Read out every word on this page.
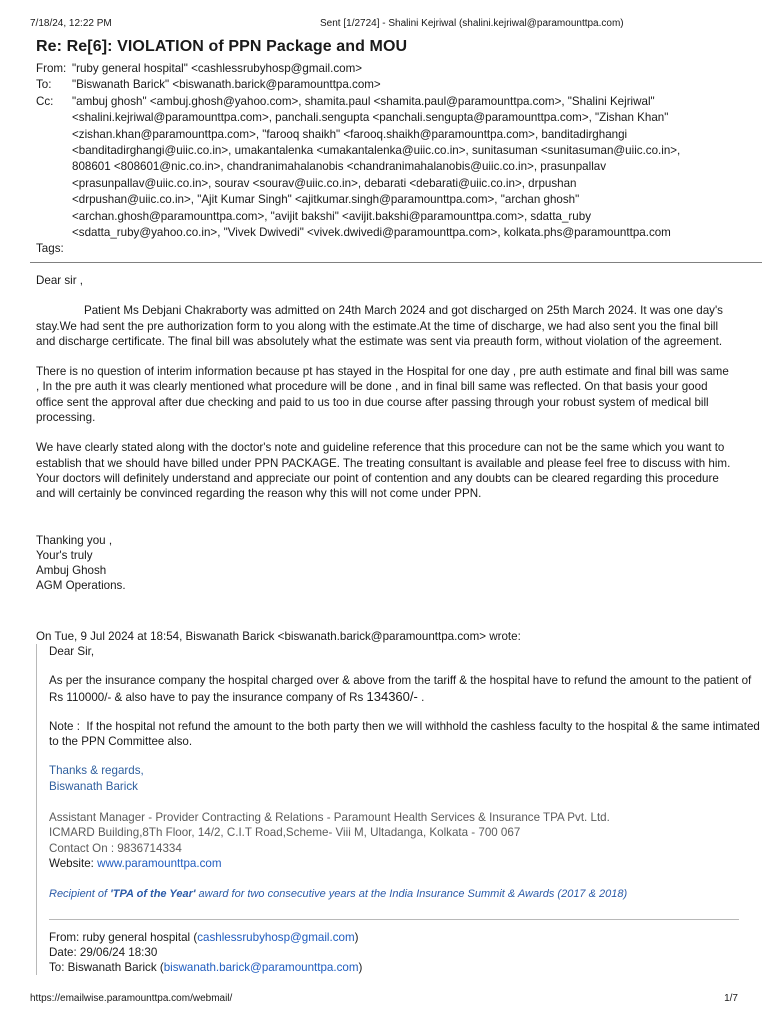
7/18/24, 12:22 PM	Sent [1/2724] - Shalini Kejriwal (shalini.kejriwal@paramounttpa.com)
Re: Re[6]: VIOLATION of PPN Package and MOU
From: "ruby general hospital" <cashlessrubyhosp@gmail.com>
To:	"Biswanath Barick" <biswanath.barick@paramounttpa.com>
Cc:	"ambuj ghosh" <ambuj.ghosh@yahoo.com>, shamita.paul <shamita.paul@paramounttpa.com>, "Shalini Kejriwal"
<shalini.kejriwal@paramounttpa.com>, panchali.sengupta <panchali.sengupta@paramounttpa.com>, "Zishan Khan"
<zishan.khan@paramounttpa.com>, "farooq shaikh" <farooq.shaikh@paramounttpa.com>, banditadirghangi
<banditadirghangi@uiic.co.in>, umakantalenka <umakantalenka@uiic.co.in>, sunitasuman <sunitasuman@uiic.co.in>,
808601 <808601@nic.co.in>, chandranimahalanobis <chandranimahalanobis@uiic.co.in>, prasunpallav
<prasunpallav@uiic.co.in>, sourav <sourav@uiic.co.in>, debarati <debarati@uiic.co.in>, drpushan
<drpushan@uiic.co.in>, "Ajit Kumar Singh" <ajitkumar.singh@paramounttpa.com>, "archan ghosh"
<archan.ghosh@paramounttpa.com>, "avijit bakshi" <avijit.bakshi@paramounttpa.com>, sdatta_ruby
<sdatta_ruby@yahoo.co.in>, "Vivek Dwivedi" <vivek.dwivedi@paramounttpa.com>, kolkata.phs@paramounttpa.com
Tags:

Dear sir ,

Patient Ms Debjani Chakraborty was admitted on 24th March 2024 and got discharged on 25th March 2024. It was one day's stay.We had sent the pre authorization form to you along with the estimate.At the time of discharge, we had also sent you the final bill and discharge certificate. The final bill was absolutely what the estimate was sent via preauth form, without violation of the agreement.

There is no question of interim information because pt has stayed in the Hospital for one day , pre auth estimate and final bill was same , In the pre auth it was clearly mentioned what procedure will be done , and in final bill same was reflected. On that basis your good office sent the approval after due checking and paid to us too in due course after passing through your robust system of medical bill processing.

We have clearly stated along with the doctor's note and guideline reference that this procedure can not be the same which you want to establish that we should have billed under PPN PACKAGE. The treating consultant is available and please feel free to discuss with him. Your doctors will definitely understand and appreciate our point of contention and any doubts can be cleared regarding this procedure and will certainly be convinced regarding the reason why this will not come under PPN.

Thanking you ,
Your's truly
Ambuj Ghosh
AGM Operations.
On Tue, 9 Jul 2024 at 18:54, Biswanath Barick <biswanath.barick@paramounttpa.com> wrote:

Dear Sir,

As per the insurance company the hospital charged over & above from the tariff & the hospital have to refund the amount to the patient of Rs 110000/- & also have to pay the insurance company of Rs 134360/- .

Note :  If the hospital not refund the amount to the both party then we will withhold the cashless faculty to the hospital & the same intimated to the PPN Committee also.

Thanks & regards,
Biswanath Barick
Assistant Manager - Provider Contracting & Relations - Paramount Health Services & Insurance TPA Pvt. Ltd.
ICMARD Building,8Th Floor, 14/2, C.I.T Road,Scheme- Viii M, Ultadanga, Kolkata - 700 067
Contact On : 9836714334
Website: www.paramounttpa.com
Recipient of 'TPA of the Year' award for two consecutive years at the India Insurance Summit & Awards (2017 & 2018)
From: ruby general hospital (cashlessrubyhosp@gmail.com)
Date: 29/06/24 18:30
To: Biswanath Barick (biswanath.barick@paramounttpa.com)
https://emailwise.paramounttpa.com/webmail/	1/7
